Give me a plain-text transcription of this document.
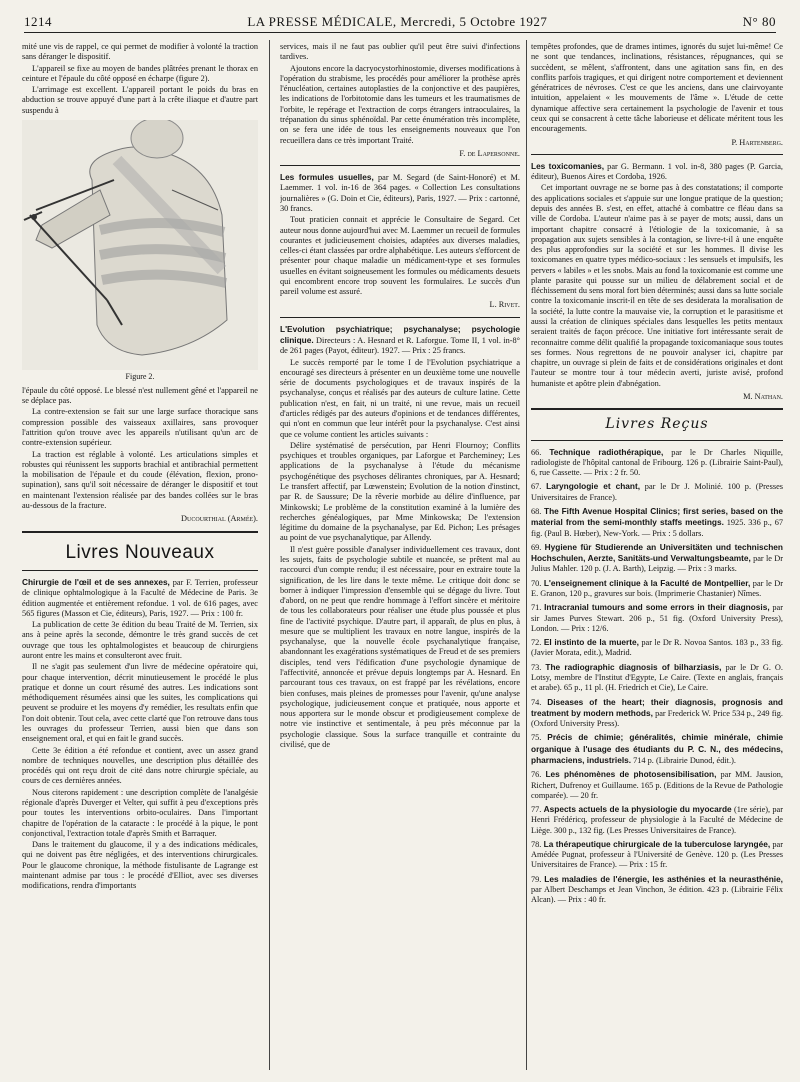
1214	LA PRESSE MÉDICALE, Mercredi, 5 Octobre 1927	N° 80

mité une vis de rappel, ce qui permet de modifier à volonté la traction sans déranger le dispositif.

L'appareil se fixe au moyen de bandes plâtrées prenant le thorax en ceinture et l'épaule du côté opposé en écharpe (figure 2).

L'arrimage est excellent. L'appareil portant le poids du bras en abduction se trouve appuyé d'une part à la crête iliaque et d'autre part suspendu à

Figure 2.

l'épaule du côté opposé. Le blessé n'est nullement gêné et l'appareil ne se déplace pas.

La contre-extension se fait sur une large surface thoracique sans compression possible des vaisseaux axillaires, sans provoquer l'attrition qu'on trouve avec les appareils n'utilisant qu'un arc de contre-extension supérieur.

La traction est réglable à volonté. Les articulations simples et robustes qui réunissent les supports brachial et antibrachial permettent la mobilisation de l'épaule et du coude (élévation, flexion, prono-supination), sans qu'il soit nécessaire de déranger le dispositif et tout en maintenant l'extension réalisée par des bandes collées sur le bras au-dessous de la fracture.

Ducourthial (Armée).
Livres Nouveaux

Chirurgie de l'œil et de ses annexes, par F. Terrien, professeur de clinique ophtalmologique à la Faculté de Médecine de Paris. 3e édition augmentée et entièrement refondue. 1 vol. de 616 pages, avec 565 figures (Masson et Cie, éditeurs), Paris, 1927. — Prix : 100 fr.

La publication de cette 3e édition du beau Traité de M. Terrien, six ans à peine après la seconde, démontre le très grand succès de cet ouvrage que tous les ophtalmologistes et beaucoup de chirurgiens auront entre les mains et consulteront avec fruit.

Il ne s'agit pas seulement d'un livre de médecine opératoire qui, pour chaque intervention, décrit minutieusement le procédé le plus pratique et donne un court résumé des autres. Les indications sont méthodiquement résumées ainsi que les suites, les complications qui peuvent se produire et les moyens d'y remédier, les resultats enfin que l'on doit obtenir. Tout cela, avec cette clarté que l'on retrouve dans tous les ouvrages du professeur Terrien, aussi bien que dans son enseignement oral, et qui en fait le grand succès.

Cette 3e édition a été refondue et contient, avec un assez grand nombre de techniques nouvelles, une description plus détaillée des procédés qui ont reçu droit de cité dans notre chirurgie spéciale, au cours de ces dernières années.

Nous citerons rapidement : une description complète de l'analgésie régionale d'après Duverger et Velter, qui suffit à peu d'exceptions près pour toutes les interventions orbito-oculaires. Dans l'important chapitre de l'opération de la cataracte : le procédé à la pique, le pont conjonctival, l'extraction totale d'après Smith et Barraquer.

Dans le traitement du glaucome, il y a des indications médicales, qui ne doivent pas être négligées, et des interventions chirurgicales. Pour le glaucome chronique, la méthode fistulisante de Lagrange est maintenant admise par tous : le procédé d'Elliot, avec ses diverses modifications, rendra d'importants

services, mais il ne faut pas oublier qu'il peut être suivi d'infections tardives.

Ajoutons encore la dacryocystorhinostomie, diverses modifications à l'opération du strabisme, les procédés pour améliorer la prothèse après l'énucléation, certaines autoplasties de la conjonctive et des paupières, les indications de l'orbitotomie dans les tumeurs et les traumatismes de l'orbite, le repérage et l'extraction de corps étrangers intraoculaires, la trépanation du sinus sphénoïdal. Par cette énumération très incomplète, on se fera une idée de tous les enseignements nouveaux que l'on recueillera dans ce très important Traité.

F. de Lapersonne.

Les formules usuelles, par M. Segard (de Saint-Honoré) et M. Laemmer. 1 vol. in-16 de 364 pages. « Collection Les consultations journalières » (G. Doin et Cie, éditeurs), Paris, 1927. — Prix : cartonné, 30 francs.

Tout praticien connait et apprécie le Consultaire de Segard. Cet auteur nous donne aujourd'hui avec M. Laemmer un recueil de formules courantes et judicieusement choisies, adaptées aux diverses maladies, celles-ci étant classées par ordre alphabétique. Les auteurs s'efforcent de présenter pour chaque maladie un médicament-type et ses formules usuelles en évitant soigneusement les formules ou médicaments desuets qui encombrent encore trop souvent les formulaires. Le succès d'un pareil volume est assuré.

L. Rivet.

L'Evolution psychiatrique; psychanalyse; psychologie clinique. Directeurs : A. Hesnard et R. Laforgue. Tome II, 1 vol. in-8° de 261 pages (Payot, éditeur). 1927. — Prix : 25 francs.

Le succès remporté par le tome I de l'Evolution psychiatrique a encouragé ses directeurs à présenter en un deuxième tome une nouvelle série de documents psychologiques et de travaux inspirés de la psychanalyse, conçus et réalisés par des auteurs de culture latine. Cette publication n'est, en fait, ni un traité, ni une revue, mais un recueil d'articles rédigés par des auteurs d'opinions et de tendances différentes, qui n'ont en commun que leur intérêt pour la psychanalyse. C'est ainsi que ce volume contient les articles suivants :

Délire systématisé de persécution, par Henri Flournoy; Conflits psychiques et troubles organiques, par Laforgue et Parcheminey; Les applications de la psychanalyse à l'étude du mécanisme psychogénétique des psychoses délirantes chroniques, par A. Hesnard; Le transfert affectif, par Lœwenstein; Evolution de la notion d'instinct, par R. de Saussure; De la rêverie morbide au délire d'influence, par Minkowski; Le problème de la constitution examiné à la lumière des recherches généalogiques, par Mme Minkowska; De l'extension légitime du domaine de la psychanalyse, par Ed. Pichon; Les présages au point de vue psychanalytique, par Allendy.

Il n'est guère possible d'analyser individuellement ces travaux, dont les sujets, faits de psychologie subtile et nuancée, se prêtent mal au raccourci d'un compte rendu; il est nécessaire, pour en extraire toute la signification, de les lire dans le texte même. Le critique doit donc se borner à indiquer l'impression d'ensemble qui se dégage du livre. Tout d'abord, on ne peut que rendre hommage à l'effort sincère et méritoire de tous les collaborateurs pour réaliser une étude plus poussée et plus fine de l'activité psychique. D'autre part, il apparaît, de plus en plus, à mesure que se multiplient les travaux en notre langue, inspirés de la psychanalyse, que la nouvelle école psychanalytique française, abandonnant les exagérations systématiques de Freud et de ses premiers disciples, tend vers l'édification d'une psychologie dynamique de l'affectivité, annoncée et prévue depuis longtemps par A. Hesnard. En parcourant tous ces travaux, on est frappé par les révélations, encore bien confuses, mais pleines de promesses pour l'avenir, qu'une analyse psychologique, judicieusement conçue et pratiquée, nous apporte et nous apportera sur le monde obscur et prodigieusement complexe de notre vie instinctive et sentimentale, à peu près méconnue par la psychologie classique. Sous la surface tranquille et contrainte du civilisé, que de

tempêtes profondes, que de drames intimes, ignorés du sujet lui-même! Ce ne sont que tendances, inclinations, résistances, répugnances, qui se succèdent, se mêlent, s'affrontent, dans une agitation sans fin, en des conflits parfois tragiques, et qui dirigent notre comportement et deviennent génératrices de névroses. C'est ce que les anciens, dans une clairvoyante intuition, appelaient « les mouvements de l'âme ». L'étude de cette dynamique affective sera certainement la psychologie de l'avenir et tous ceux qui se consacrent à cette tâche laborieuse et délicate méritent tous les encouragements.

P. Hartenberg.

Les toxicomanies, par G. Bermann. 1 vol. in-8, 380 pages (P. Garcia, éditeur), Buenos Aires et Cordoba, 1926.

Cet important ouvrage ne se borne pas à des constatations; il comporte des applications sociales et s'appuie sur une longue pratique de la question; depuis des années B. s'est, en effet, attaché à combattre ce fléau dans sa ville de Cordoba. L'auteur n'aime pas à se payer de mots; aussi, dans un important chapitre consacré à l'étiologie de la toxicomanie, à sa propagation aux sujets sensibles à la contagion, se livre-t-il à une enquête des plus approfondies sur la société et sur les hommes. Il divise les toxicomanes en quatre types médico-sociaux : les sensuels et impulsifs, les pervers « labiles » et les snobs. Mais au fond la toxicomanie est comme une plante parasite qui pousse sur un milieu de délabrement social et de fléchissement du sens moral fort bien déterminés; aussi dans sa lutte sociale contre la toxicomanie inscrit-il en tête de ses desiderata la moralisation de la société, la lutte contre la mauvaise vie, la corruption et le parasitisme et aussi la création de cliniques spéciales dans lesquelles les petits mentaux seraient traités de façon précoce. Une initiative fort intéressante serait de reconnaitre comme délit qualifié la propagande toxicomaniaque sous toutes ses formes. Nous regrettons de ne pouvoir analyser ici, chapitre par chapitre, un ouvrage si plein de faits et de considérations originales et dont l'auteur se montre tour à tour médecin averti, juriste avisé, profond humaniste et apôtre plein d'abnégation.

M. Nathan.
Livres Reçus

66. Technique radiothérapique, par le Dr Charles Niquille, radiologiste de l'hôpital cantonal de Fribourg. 126 p. (Librairie Saint-Paul), 6, rue Cassette. — Prix : 2 fr. 50.

67. Laryngologie et chant, par le Dr J. Molinié. 100 p. (Presses Universitaires de France).

68. The Fifth Avenue Hospital Clinics; first series, based on the material from the semi-monthly staffs meetings. 1925. 336 p., 67 fig. (Paul B. Hœber), New-York. — Prix : 5 dollars.

69. Hygiene für Studierende an Universitäten und technischen Hochschulen, Aerzte, Sanitäts-und Verwaltungsbeamte, par le Dr Julius Mahler. 120 p. (J. A. Barth), Leipzig. — Prix : 3 marks.

70. L'enseignement clinique à la Faculté de Montpellier, par le Dr E. Granon, 120 p., gravures sur bois. (Imprimerie Chastanier) Nîmes.

71. Intracranial tumours and some errors in their diagnosis, par sir James Purves Stewart. 206 p., 51 fig. (Oxford University Press), London. — Prix : 12/6.

72. El instinto de la muerte, par le Dr R. Novoa Santos. 183 p., 33 fig. (Javier Morata, edit.), Madrid.

73. The radiographic diagnosis of bilharziasis, par le Dr G. O. Lotsy, membre de l'Institut d'Egypte, Le Caire. (Texte en anglais, français et arabe). 65 p., 11 pl. (H. Friedrich et Cie), Le Caire.

74. Diseases of the heart; their diagnosis, prognosis and treatment by modern methods, par Frederick W. Price 534 p., 249 fig. (Oxford University Press).

75. Précis de chimie; généralités, chimie minérale, chimie organique à l'usage des étudiants du P. C. N., des médecins, pharmaciens, industriels. 714 p. (Librairie Dunod, édit.).

76. Les phénomènes de photosensibilisation, par MM. Jausion, Richert, Dufrenoy et Guillaume. 165 p. (Editions de la Revue de Pathologie comparée). — 20 fr.

77. Aspects actuels de la physiologie du myocarde (1re série), par Henri Frédéricq, professeur de physiologie à la Faculté de Médecine de Liège. 300 p., 132 fig. (Les Presses Universitaires de France).

78. La thérapeutique chirurgicale de la tuberculose laryngée, par Amédée Pugnat, professeur à l'Université de Genève. 120 p. (Les Presses Universitaires de France). — Prix : 15 fr.

79. Les maladies de l'énergie, les asthénies et la neurasthénie, par Albert Deschamps et Jean Vinchon, 3e édition. 423 p. (Librairie Félix Alcan). — Prix : 40 fr.
